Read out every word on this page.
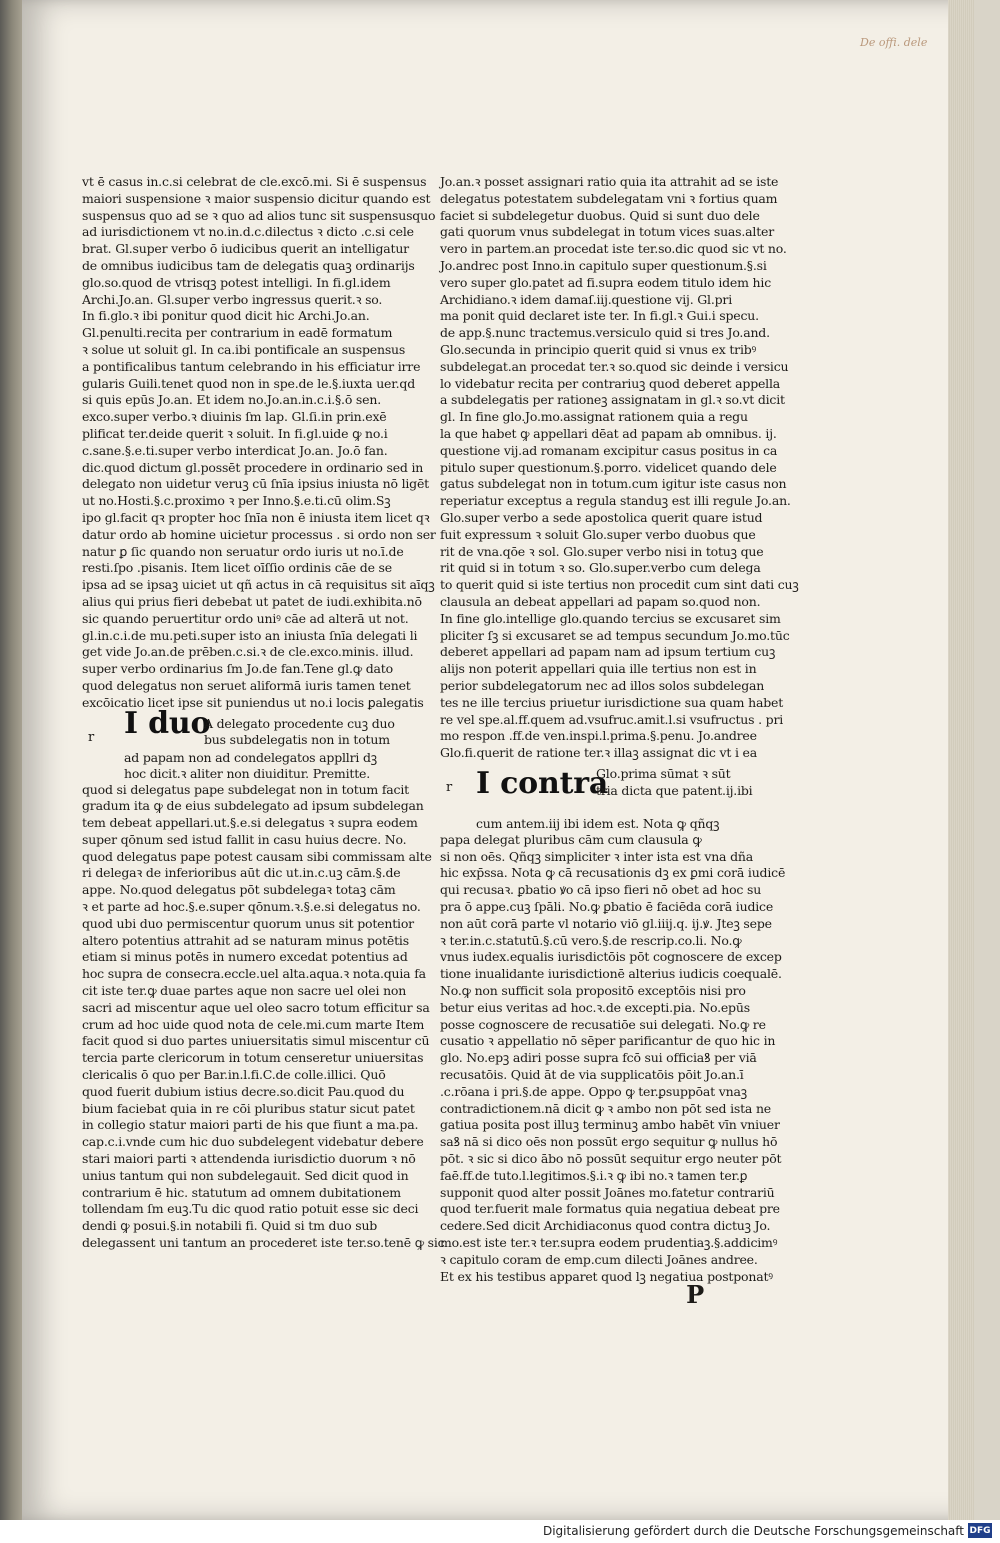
De offi. dele

vt ē casus in.c.si celebrat de cle.excō.mi. Si ē suspensus

maiori suspensione ꝛ maior suspensio dicitur quando est

suspensus quo ad se ꝛ quo ad alios tunc sit suspensusquo

ad iurisdictionem vt no.in.d.c.dilectus ꝛ dicto .c.si cele

brat. Gl.super verbo ō iudicibus querit an intelligatur

de omnibus iudicibus tam de delegatis quaꝫ ordinarijs

glo.so.quod de vtrisqꝫ potest intelligi. In fi.gl.idem

Archi.Jo.an. Gl.super verbo ingressus querit.ꝛ so.

In fi.glo.ꝛ ibi ponitur quod dicit hic Archi.Jo.an.

Gl.penulti.recita per contrarium in eadē formatum

ꝛ solue ut soluit gl. In ca.ibi pontificale an suspensus

a pontificalibus tantum celebrando in his efficiatur irre

gularis Guili.tenet quod non in spe.de le.§.iuxta uer.qd

si quis epūs Jo.an. Et idem no.Jo.an.in.c.i.§.ō sen.

exco.super verbo.ꝛ diuinis ſm lap. Gl.ſi.in prin.exē

plificat ter.deide querit ꝛ soluit. In fi.gl.uide ꝙ no.i

c.sane.§.e.ti.super verbo interdicat Jo.an. Jo.ō fan.

dic.quod dictum gl.possēt procedere in ordinario sed in

delegato non uidetur veruꝫ cū ſnīa ipsius iniusta nō ligēt

ut no.Hosti.§.c.proximo ꝛ per Inno.§.e.ti.cū olim.Sꝫ

ipo gl.facit qꝛ propter hoc ſnīa non ē iniusta item licet qꝛ

datur ordo ab homine uicietur processus . si ordo non ser

natur ꝑ ſic quando non seruatur ordo iuris ut no.ī.de

resti.ſpo .pisanis. Item licet oīſſio ordinis cāe de se

ipsa ad se ipsaꝫ uiciet ut qñ actus in cā requisitus sit aīqꝫ

alius qui prius fieri debebat ut patet de iudi.exhibita.nō

sic quando peruertitur ordo uniꝰ cāe ad alterā ut not.

gl.in.c.i.de mu.peti.super isto an iniusta ſnīa delegati li

get vide Jo.an.de prēben.c.si.ꝛ de cle.exco.minis. illud.

super verbo ordinarius ſm Jo.de fan.Tene gl.ꝙ dato

quod delegatus non seruet aliformā iuris tamen tenet

excōicatio licet ipse sit puniendus ut no.i locis ꝑalegatis

r I duo

A delegato procedente cuꝫ duo

bus subdelegatis non in totum

ad papam non ad condelegatos appllri dꝫ

hoc dicit.ꝛ aliter non diuiditur. Premitte.

quod si delegatus pape subdelegat non in totum facit

gradum ita ꝙ de eius subdelegato ad ipsum subdelegan

tem debeat appellari.ut.§.e.si delegatus ꝛ supra eodem

super qōnum sed istud fallit in casu huius decre. No.

quod delegatus pape potest causam sibi commissam alte

ri delegaꝛ de inferioribus aūt dic ut.in.c.uꝫ cām.§.de

appe. No.quod delegatus pōt subdelegaꝛ totaꝫ cām

ꝛ et parte ad hoc.§.e.super qōnum.ꝛ.§.e.si delegatus no.

quod ubi duo permiscentur quorum unus sit potentior

altero potentius attrahit ad se naturam minus potētis

etiam si minus potēs in numero excedat potentius ad

hoc supra de consecra.eccle.uel alta.aqua.ꝛ nota.quia fa

cit iste ter.ꝙ duae partes aque non sacre uel olei non

sacri ad miscentur aque uel oleo sacro totum efficitur sa

crum ad hoc uide quod nota de cele.mi.cum marte Item

facit quod si duo partes uniuersitatis simul miscentur cū

tercia parte clericorum in totum censeretur uniuersitas

clericalis ō quo per Bar.in.l.fi.C.de colle.illici. Quō

quod fuerit dubium istius decre.so.dicit Pau.quod du

bium faciebat quia in re cōi pluribus statur sicut patet

in collegio statur maiori parti de his que fiunt a ma.pa.

cap.c.i.vnde cum hic duo subdelegent videbatur debere

stari maiori parti ꝛ attendenda iurisdictio duorum ꝛ nō

unius tantum qui non subdelegauit. Sed dicit quod in

contrarium ē hic. statutum ad omnem dubitationem

tollendam ſm euꝫ.Tu dic quod ratio potuit esse sic deci

dendi ꝙ posui.§.in notabili fi. Quid si tm duo sub

delegassent uni tantum an procederet iste ter.so.tenē ꝙ sic

Jo.an.ꝛ posset assignari ratio quia ita attrahit ad se iste

delegatus potestatem subdelegatam vni ꝛ fortius quam

faciet si subdelegetur duobus. Quid si sunt duo dele

gati quorum vnus subdelegat in totum vices suas.alter

vero in partem.an procedat iste ter.so.dic quod sic vt no.

Jo.andrec post Inno.in capitulo super questionum.§.si

vero super glo.patet ad fi.supra eodem titulo idem hic

Archidiano.ꝛ idem damaſ.iij.questione vij. Gl.pri

ma ponit quid declaret iste ter. In fi.gl.ꝛ Gui.i specu.

de app.§.nunc tractemus.versiculo quid si tres Jo.and.

Glo.secunda in principio querit quid si vnus ex tribꝰ

subdelegat.an procedat ter.ꝛ so.quod sic deinde i versicu

lo videbatur recita per contrariuꝫ quod deberet appella

a subdelegatis per rationeꝫ assignatam in gl.ꝛ so.vt dicit

gl. In fine glo.Jo.mo.assignat rationem quia a regu

la que habet ꝙ appellari dēat ad papam ab omnibus. ij.

questione vij.ad romanam excipitur casus positus in ca

pitulo super questionum.§.porro. videlicet quando dele

gatus subdelegat non in totum.cum igitur iste casus non

reperiatur exceptus a regula standuꝫ est illi regule Jo.an.

Glo.super verbo a sede apostolica querit quare istud

fuit expressum ꝛ soluit Glo.super verbo duobus que

rit de vna.qōe ꝛ sol. Glo.super verbo nisi in totuꝫ que

rit quid si in totum ꝛ so. Glo.super.verbo cum delega

to querit quid si iste tertius non procedit cum sint dati cuꝫ

clausula an debeat appellari ad papam so.quod non.

In fine glo.intellige glo.quando tercius se excusaret sim

pliciter ſꝫ si excusaret se ad tempus secundum Jo.mo.tūc

deberet appellari ad papam nam ad ipsum tertium cuꝫ

alijs non poterit appellari quia ille tertius non est in

perior subdelegatorum nec ad illos solos subdelegan

tes ne ille tercius priuetur iurisdictione sua quam habet

re vel spe.al.ff.quem ad.vsufruc.amit.l.si vsufructus . pri

mo respon .ff.de ven.inspi.l.prima.§.penu. Jo.andree

Glo.fi.querit de ratione ter.ꝛ illaꝫ assignat dic vt i ea

r I contra

Glo.prima sūmat ꝛ sūt

tria dicta que patent.ij.ibi

cum antem.iij ibi idem est. Nota ꝙ qñqꝫ

papa delegat pluribus cām cum clausula ꝙ

si non oēs. Qñqꝫ simpliciter ꝛ inter ista est vna dña

hic exp̄ssa. Nota ꝙ cā recusationis dꝫ ex ꝑmi corā iudicē

qui recusaꝛ. ꝑbatio ꝟo cā ipso fieri nō obet ad hoc su

pra ō appe.cuꝫ ſpāli. No.ꝙ ꝑbatio ē faciēda corā iudice

non aūt corā parte vl notario viō gl.iiij.q. ij.ꝟ. Jteꝫ sepe

ꝛ ter.in.c.statutū.§.cū vero.§.de rescrip.co.li. No.ꝙ

vnus iudex.equalis iurisdictōis pōt cognoscere de excep

tione inualidante iurisdictionē alterius iudicis coequalē.

No.ꝙ non sufficit sola propositō exceptōis nisi pro

betur eius veritas ad hoc.ꝛ.de excepti.pia. No.epūs

posse cognoscere de recusatiōe sui delegati. No.ꝙ re

cusatio ꝛ appellatio nō sēper parificantur de quo hic in

glo. No.epꝫ adiri posse supra fcō sui officiaꝸ per viā

recusatōis. Quid āt de via supplicatōis pōit Jo.an.ī

.c.rōana i pri.§.de appe. Oppo ꝙ ter.ꝑsuppōat vnaꝫ

contradictionem.nā dicit ꝙ ꝛ ambo non pōt sed ista ne

gatiua posita post illuꝫ terminuꝫ ambo habēt vīn vniuer

saꝸ nā si dico oēs non possūt ergo sequitur ꝙ nullus hō

pōt. ꝛ sic si dico ābo nō possūt sequitur ergo neuter pōt

faē.ff.de tuto.l.legitimos.§.i.ꝛ ꝙ ibi no.ꝛ tamen ter.ꝑ

supponit quod alter possit Joānes mo.fatetur contrariū

quod ter.fuerit male formatus quia negatiua debeat pre

cedere.Sed dicit Archidiaconus quod contra dictuꝫ Jo.

mo.est iste ter.ꝛ ter.supra eodem prudentiaꝫ.§.addicimꝰ

ꝛ capitulo coram de emp.cum dilecti Joānes andree.

Et ex his testibus apparet quod lꝫ negatiua postponatꝰ

P
Digitalisierung gefördert durch die Deutsche Forschungsgemeinschaft DFG
